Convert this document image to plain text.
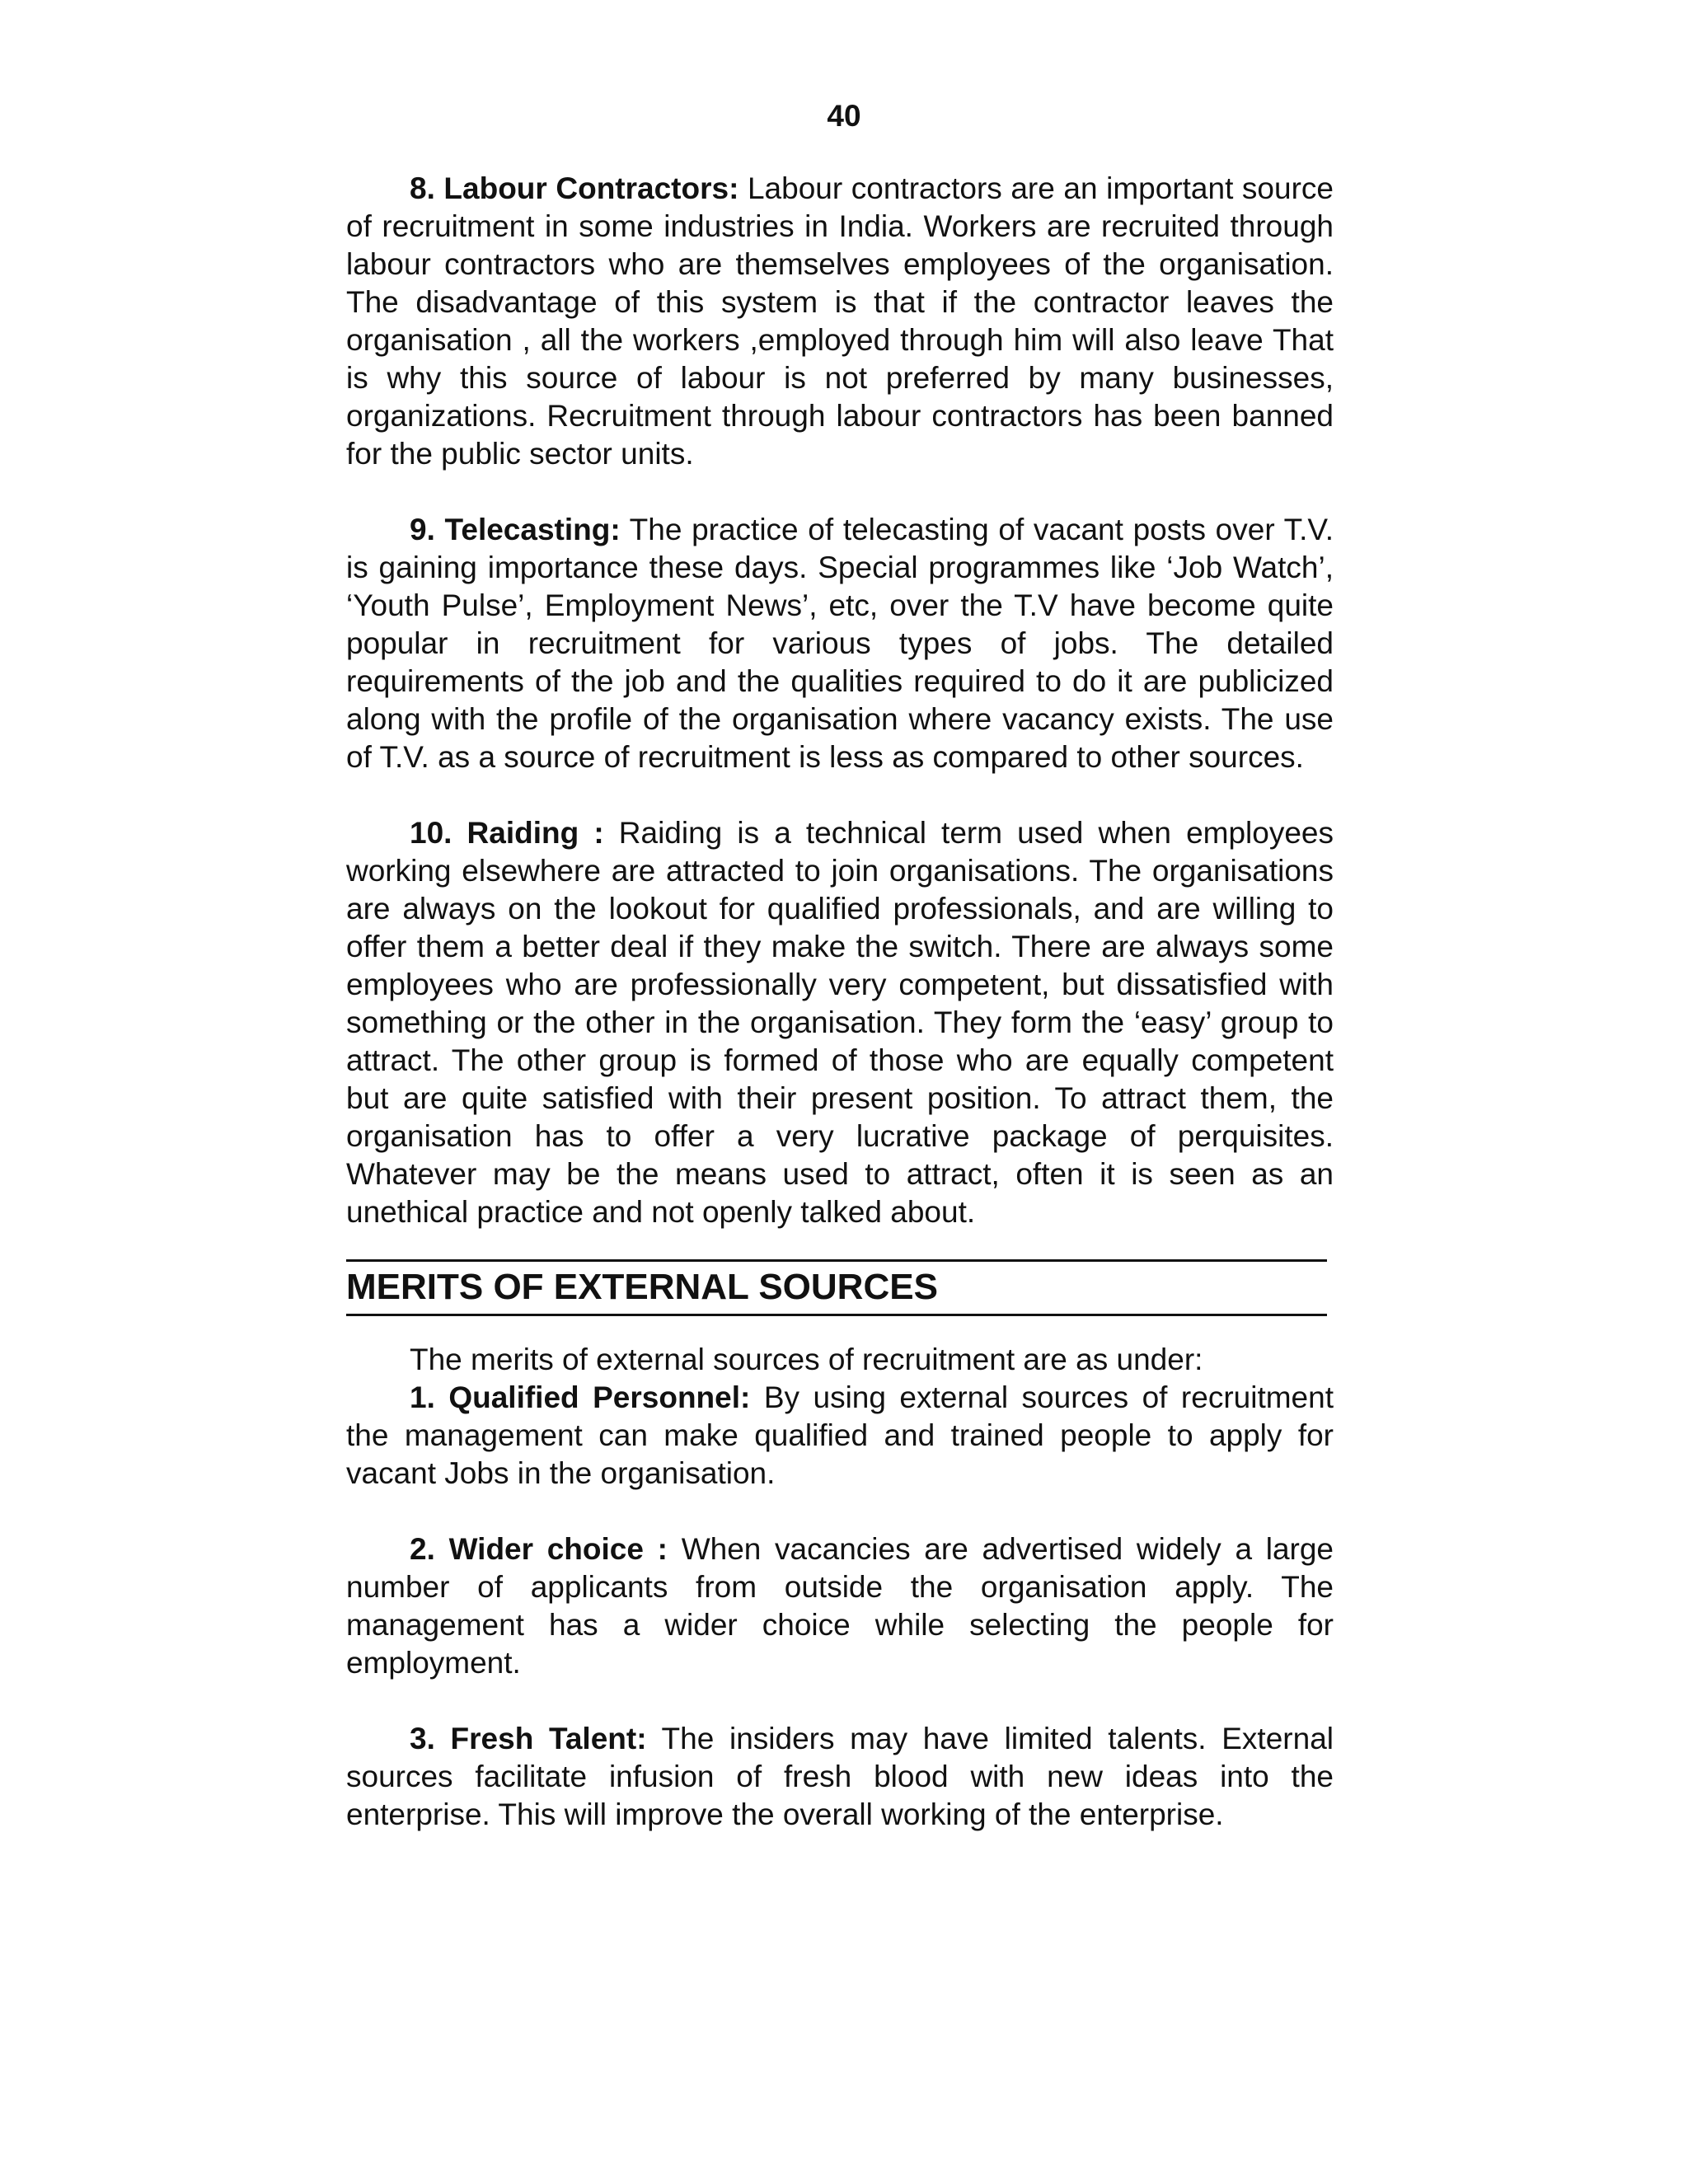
40

8. Labour Contractors: Labour contractors are an important source of recruitment in some industries in India. Workers are recruited through labour contractors who are themselves employees of the organisation. The disadvantage of this system is that if the contractor leaves the organisation , all the workers ,employed through him will also leave That is why this source of labour is not preferred by many businesses, organizations. Recruitment through labour contractors has been banned for the public sector units.

9. Telecasting: The practice of telecasting of vacant posts over T.V. is gaining importance these days. Special programmes like ‘Job Watch’, ‘Youth Pulse’, Employment News’, etc, over the T.V have become quite popular in recruitment for various types of jobs. The detailed requirements of the job and the qualities required to do it are publicized along with the profile of the organisation where vacancy exists. The use of T.V. as a source of recruitment is less as compared to other sources.

10. Raiding : Raiding is a technical term used when employees working elsewhere are attracted to join organisations. The organisations are always on the lookout for qualified professionals, and are willing to offer them a better deal if they make the switch. There are always some employees who are professionally very competent, but dissatisfied with something or the other in the organisation. They form the ‘easy’ group to attract. The other group is formed of those who are equally competent but are quite satisfied with their present position. To attract them, the organisation has to offer a very lucrative package of perquisites. Whatever may be the means used to attract, often it is seen as an unethical practice and not openly talked about.

MERITS OF EXTERNAL SOURCES

The merits of external sources of recruitment are as under:

1. Qualified Personnel: By using external sources of recruitment the management can make qualified and trained people to apply for vacant Jobs in the organisation.

2. Wider choice : When vacancies are advertised widely a large number of applicants from outside the organisation apply. The management has a wider choice while selecting the people for employment.

3. Fresh Talent: The insiders may have limited talents. External sources facilitate infusion of fresh blood with new ideas into the enterprise. This will improve the overall working of the enterprise.
